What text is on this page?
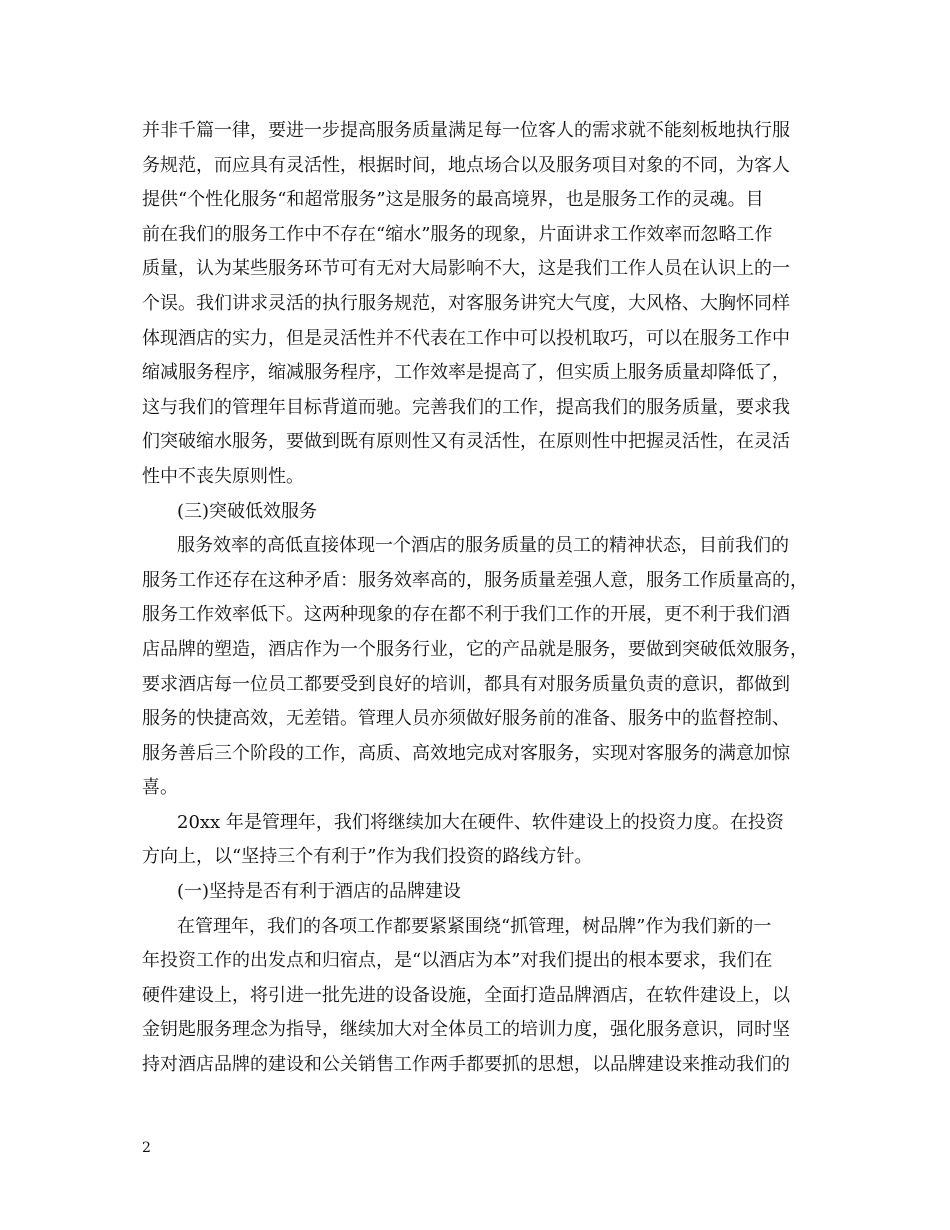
并非千篇一律，要进一步提高服务质量满足每一位客人的需求就不能刻板地执行服
务规范，而应具有灵活性，根据时间，地点场合以及服务项目对象的不同，为客人
提供“个性化服务“和超常服务”这是服务的最高境界，也是服务工作的灵魂。目
前在我们的服务工作中不存在“缩水”服务的现象，片面讲求工作效率而忽略工作
质量，认为某些服务环节可有无对大局影响不大，这是我们工作人员在认识上的一
个误。我们讲求灵活的执行服务规范，对客服务讲究大气度，大风格、大胸怀同样
体现酒店的实力，但是灵活性并不代表在工作中可以投机取巧，可以在服务工作中
缩减服务程序，缩减服务程序，工作效率是提高了，但实质上服务质量却降低了，
这与我们的管理年目标背道而驰。完善我们的工作，提高我们的服务质量，要求我
们突破缩水服务，要做到既有原则性又有灵活性，在原则性中把握灵活性，在灵活
性中不丧失原则性。
(三)突破低效服务
服务效率的高低直接体现一个酒店的服务质量的员工的精神状态，目前我们的
服务工作还存在这种矛盾：服务效率高的，服务质量差强人意，服务工作质量高的，
服务工作效率低下。这两种现象的存在都不利于我们工作的开展，更不利于我们酒
店品牌的塑造，酒店作为一个服务行业，它的产品就是服务，要做到突破低效服务，
要求酒店每一位员工都要受到良好的培训，都具有对服务质量负责的意识，都做到
服务的快捷高效，无差错。管理人员亦须做好服务前的准备、服务中的监督控制、
服务善后三个阶段的工作，高质、高效地完成对客服务，实现对客服务的满意加惊
喜。
20xx 年是管理年，我们将继续加大在硬件、软件建设上的投资力度。在投资
方向上，以“坚持三个有利于”作为我们投资的路线方针。
(一)坚持是否有利于酒店的品牌建设
在管理年，我们的各项工作都要紧紧围绕“抓管理，树品牌”作为我们新的一
年投资工作的出发点和归宿点，是“以酒店为本”对我们提出的根本要求，我们在
硬件建设上，将引进一批先进的设备设施，全面打造品牌酒店，在软件建设上，以
金钥匙服务理念为指导，继续加大对全体员工的培训力度，强化服务意识，同时坚
持对酒店品牌的建设和公关销售工作两手都要抓的思想，以品牌建设来推动我们的
2
